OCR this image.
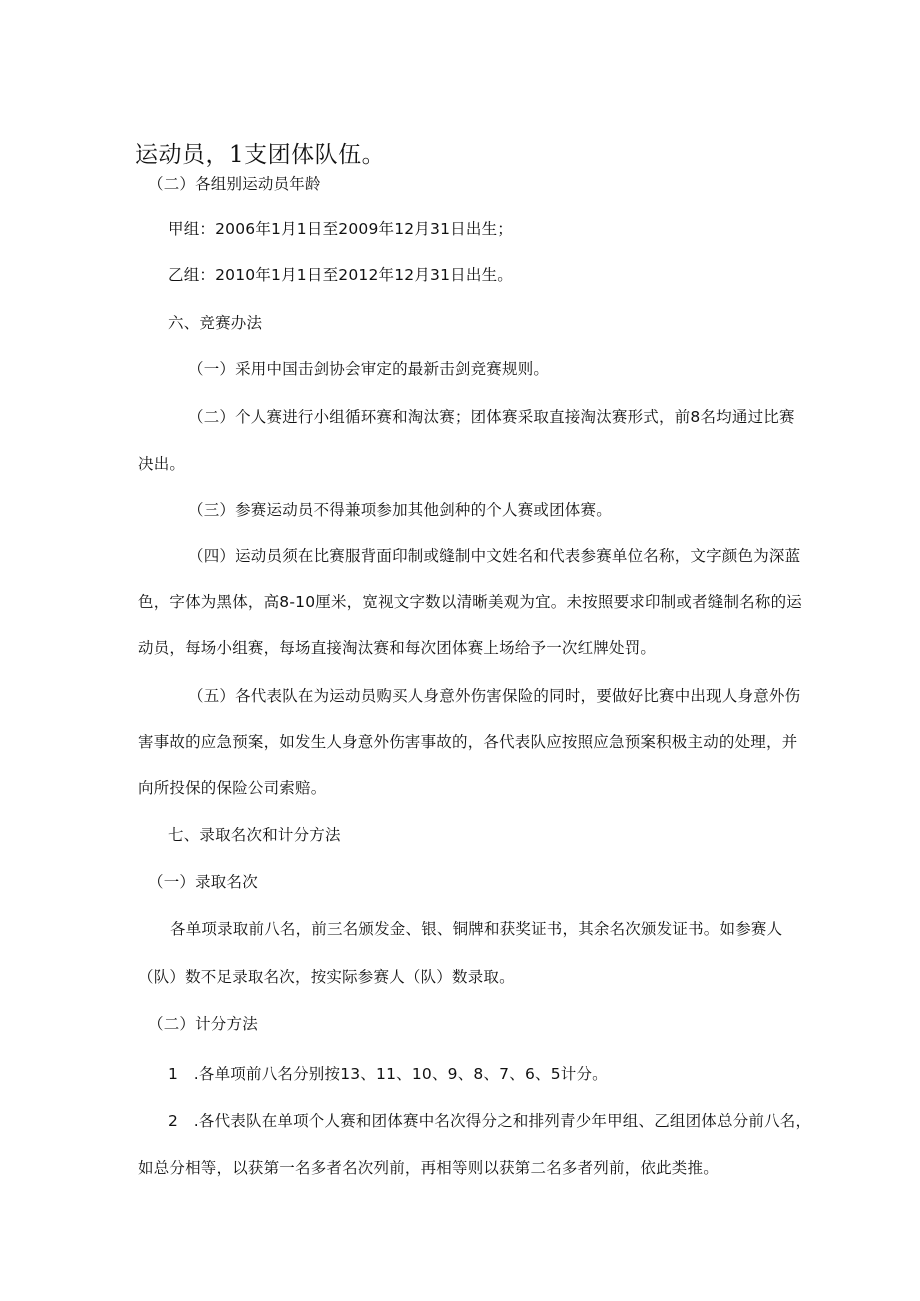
运动员，1支团体队伍。
（二）各组别运动员年龄
甲组：2006年1月1日至2009年12月31日出生；
乙组：2010年1月1日至2012年12月31日出生。
六、竞赛办法
（一）采用中国击剑协会审定的最新击剑竞赛规则。
（二）个人赛进行小组循环赛和淘汰赛；团体赛采取直接淘汰赛形式，前8名均通过比赛
决出。
（三）参赛运动员不得兼项参加其他剑种的个人赛或团体赛。
（四）运动员须在比赛服背面印制或缝制中文姓名和代表参赛单位名称，文字颜色为深蓝
色，字体为黑体，高8-10厘米，宽视文字数以清晰美观为宜。未按照要求印制或者缝制名称的运
动员，每场小组赛，每场直接淘汰赛和每次团体赛上场给予一次红牌处罚。
（五）各代表队在为运动员购买人身意外伤害保险的同时，要做好比赛中出现人身意外伤
害事故的应急预案，如发生人身意外伤害事故的，各代表队应按照应急预案积极主动的处理，并
向所投保的保险公司索赔。
七、录取名次和计分方法
（一）录取名次
各单项录取前八名，前三名颁发金、银、铜牌和获奖证书，其余名次颁发证书。如参赛人
（队）数不足录取名次，按实际参赛人（队）数录取。
（二）计分方法
1　.各单项前八名分别按13、11、10、9、8、7、6、5计分。
2　.各代表队在单项个人赛和团体赛中名次得分之和排列青少年甲组、乙组团体总分前八名，
如总分相等，以获第一名多者名次列前，再相等则以获第二名多者列前，依此类推。
